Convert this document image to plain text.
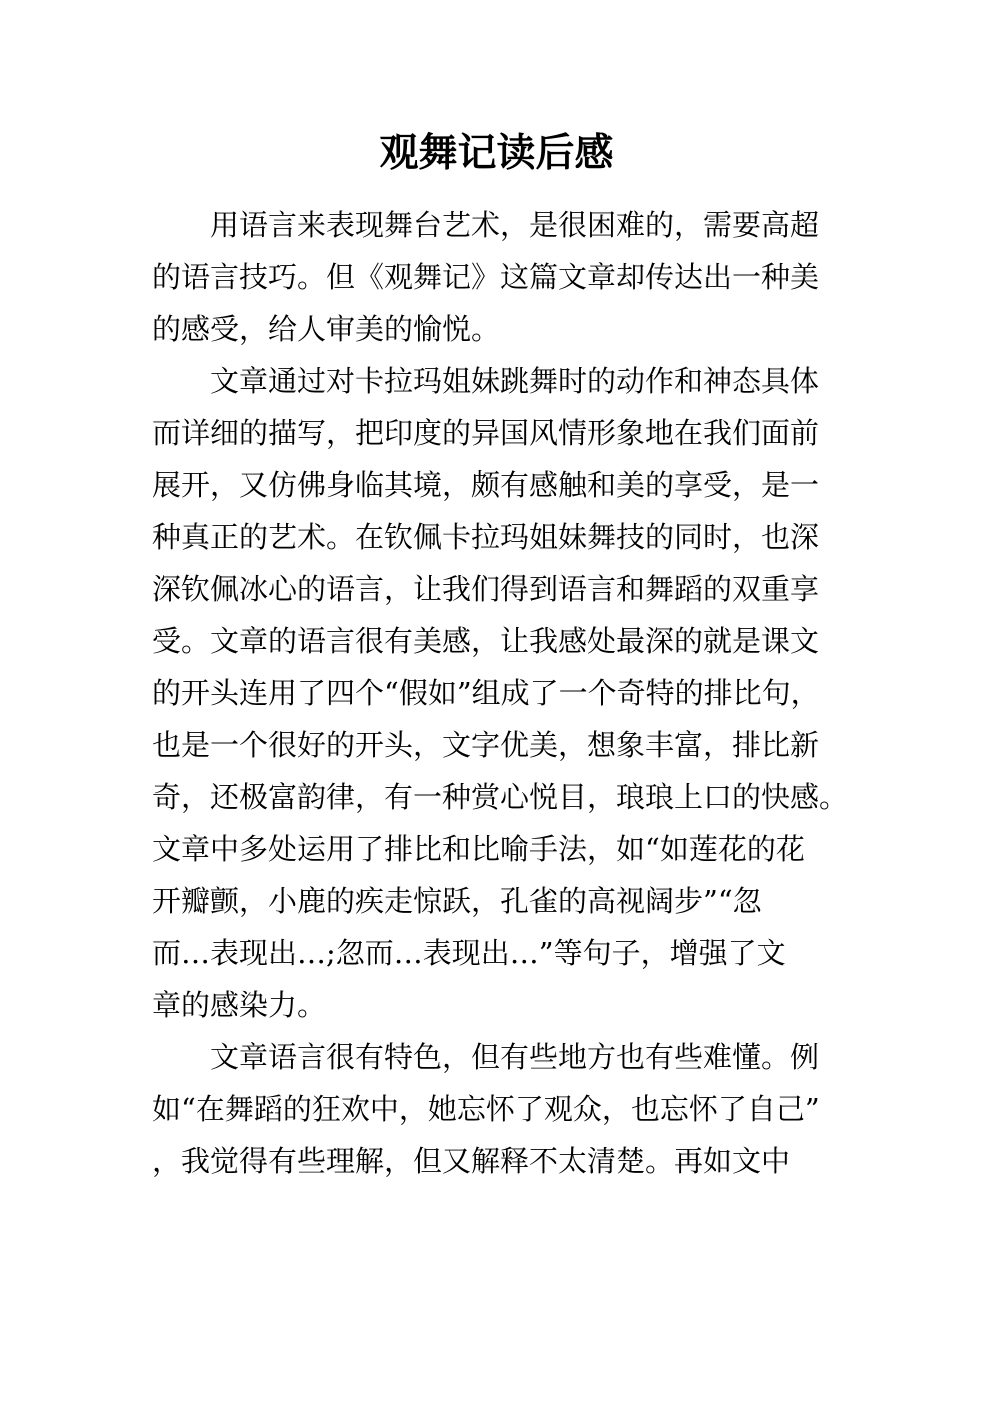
观舞记读后感

　　用语言来表现舞台艺术，是很困难的，需要高超

的语言技巧。但《观舞记》这篇文章却传达出一种美

的感受，给人审美的愉悦。

　　文章通过对卡拉玛姐妹跳舞时的动作和神态具体

而详细的描写，把印度的异国风情形象地在我们面前

展开，又仿佛身临其境，颇有感触和美的享受，是一

种真正的艺术。在钦佩卡拉玛姐妹舞技的同时，也深

深钦佩冰心的语言，让我们得到语言和舞蹈的双重享

受。文章的语言很有美感，让我感处最深的就是课文

的开头连用了四个“假如”组成了一个奇特的排比句，

也是一个很好的开头，文字优美，想象丰富，排比新

奇，还极富韵律，有一种赏心悦目，琅琅上口的快感。

文章中多处运用了排比和比喻手法，如“如莲花的花

开瓣颤，小鹿的疾走惊跃，孔雀的高视阔步”“忽

而…表现出…;忽而…表现出…”等句子，增强了文

章的感染力。

　　文章语言很有特色，但有些地方也有些难懂。例

如“在舞蹈的狂欢中，她忘怀了观众，也忘怀了自己”

，我觉得有些理解，但又解释不太清楚。再如文中
